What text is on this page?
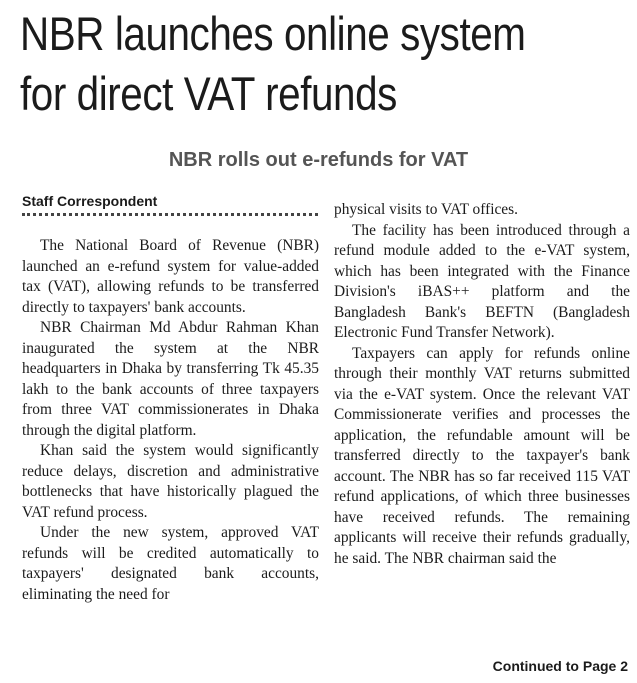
NBR launches online system
for direct VAT refunds
NBR rolls out e-refunds for VAT
Staff Correspondent

The National Board of Revenue (NBR) launched an e-refund system for value-added tax (VAT), allowing refunds to be transferred directly to taxpayers' bank accounts.

NBR Chairman Md Abdur Rahman Khan inaugurated the system at the NBR headquarters in Dhaka by transferring Tk 45.35 lakh to the bank accounts of three taxpayers from three VAT commissionerates in Dhaka through the digital platform.

Khan said the system would significantly reduce delays, discretion and administrative bottlenecks that have historically plagued the VAT refund process.

Under the new system, approved VAT refunds will be credited automatically to taxpayers' designated bank accounts, eliminating the need for

physical visits to VAT offices.

The facility has been introduced through a refund module added to the e-VAT system, which has been integrated with the Finance Division's iBAS++ platform and the Bangladesh Bank's BEFTN (Bangladesh Electronic Fund Transfer Network).

Taxpayers can apply for refunds online through their monthly VAT returns submitted via the e-VAT system. Once the relevant VAT Commissionerate verifies and processes the application, the refundable amount will be transferred directly to the taxpayer's bank account. The NBR has so far received 115 VAT refund applications, of which three businesses have received refunds. The remaining applicants will receive their refunds gradually, he said. The NBR chairman said the

Continued to Page 2
